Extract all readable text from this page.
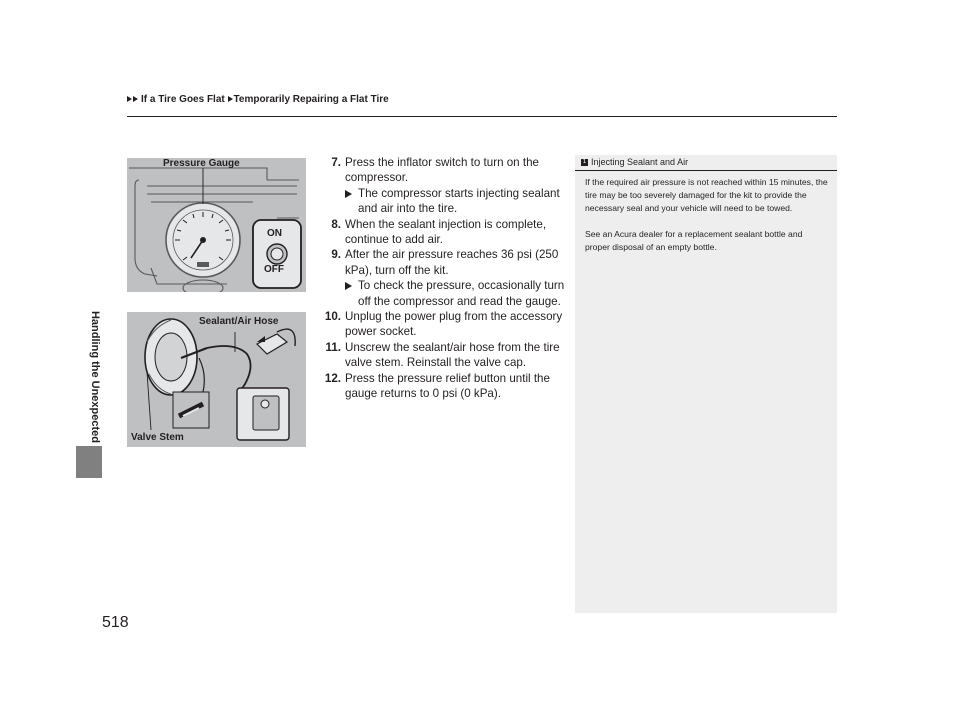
If a Tire Goes Flat Temporarily Repairing a Flat Tire
Handling the Unexpected
Pressure Gauge
ON
OFF
Sealant/Air Hose
Valve Stem
7. Press the inflator switch to turn on the compressor.
The compressor starts injecting sealant and air into the tire.
8. When the sealant injection is complete, continue to add air.
9. After the air pressure reaches 36 psi (250 kPa), turn off the kit.
To check the pressure, occasionally turn off the compressor and read the gauge.
10. Unplug the power plug from the accessory power socket.
11. Unscrew the sealant/air hose from the tire valve stem. Reinstall the valve cap.
12. Press the pressure relief button until the gauge returns to 0 psi (0 kPa).
1 Injecting Sealant and Air

If the required air pressure is not reached within 15 minutes, the tire may be too severely damaged for the kit to provide the necessary seal and your vehicle will need to be towed.

See an Acura dealer for a replacement sealant bottle and proper disposal of an empty bottle.

518
